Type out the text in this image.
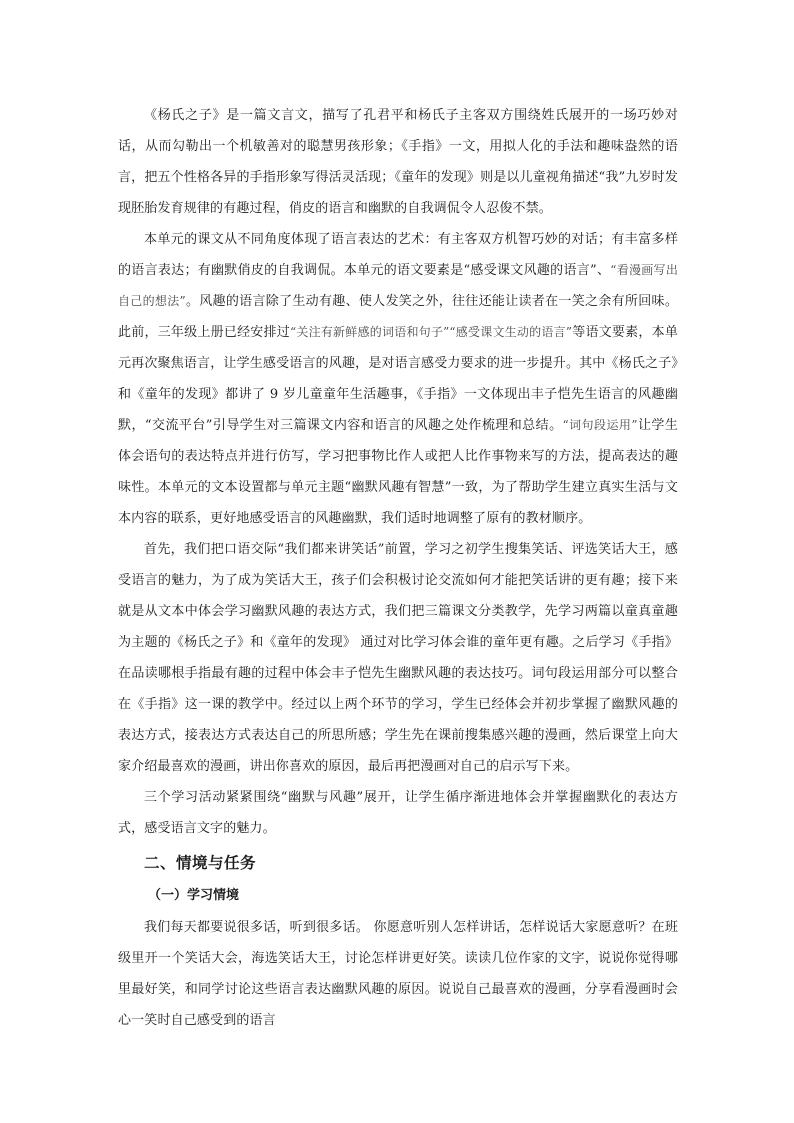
《杨氏之子》是一篇文言文，描写了孔君平和杨氏子主客双方围绕姓氏展开的一场巧妙对话，从而勾勒出一个机敏善对的聪慧男孩形象；《手指》一文，用拟人化的手法和趣味盎然的语言，把五个性格各异的手指形象写得活灵活现；《童年的发现》则是以儿童视角描述“我”九岁时发现胚胎发育规律的有趣过程，俏皮的语言和幽默的自我调侃令人忍俊不禁。

本单元的课文从不同角度体现了语言表达的艺术：有主客双方机智巧妙的对话；有丰富多样的语言表达；有幽默俏皮的自我调侃。本单元的语文要素是“感受课文风趣的语言”、“看漫画写出自己的想法”。风趣的语言除了生动有趣、使人发笑之外，往往还能让读者在一笑之余有所回味。此前，三年级上册已经安排过“关注有新鲜感的词语和句子”“感受课文生动的语言”等语文要素，本单元再次聚焦语言，让学生感受语言的风趣，是对语言感受力要求的进一步提升。其中《杨氏之子》和《童年的发现》都讲了 9 岁儿童童年生活趣事，《手指》一文体现出丰子恺先生语言的风趣幽默，“交流平台”引导学生对三篇课文内容和语言的风趣之处作梳理和总结。“词句段运用”让学生体会语句的表达特点并进行仿写，学习把事物比作人或把人比作事物来写的方法，提高表达的趣味性。本单元的文本设置都与单元主题“幽默风趣有智慧”一致，为了帮助学生建立真实生活与文本内容的联系，更好地感受语言的风趣幽默，我们适时地调整了原有的教材顺序。

首先，我们把口语交际“我们都来讲笑话”前置，学习之初学生搜集笑话、评选笑话大王，感受语言的魅力，为了成为笑话大王，孩子们会积极讨论交流如何才能把笑话讲的更有趣；接下来就是从文本中体会学习幽默风趣的表达方式，我们把三篇课文分类教学，先学习两篇以童真童趣为主题的《杨氏之子》和《童年的发现》 通过对比学习体会谁的童年更有趣。之后学习《手指》 在品读哪根手指最有趣的过程中体会丰子恺先生幽默风趣的表达技巧。词句段运用部分可以整合在《手指》这一课的教学中。经过以上两个环节的学习，学生已经体会并初步掌握了幽默风趣的表达方式，接表达方式表达自己的所思所感；学生先在课前搜集感兴趣的漫画，然后课堂上向大家介绍最喜欢的漫画，讲出你喜欢的原因，最后再把漫画对自己的启示写下来。

三个学习活动紧紧围绕“幽默与风趣”展开，让学生循序渐进地体会并掌握幽默化的表达方式，感受语言文字的魅力。

二、情境与任务
（一）学习情境

我们每天都要说很多话，听到很多话。 你愿意听别人怎样讲话，怎样说话大家愿意听？在班级里开一个笑话大会，海选笑话大王，讨论怎样讲更好笑。读读几位作家的文字，说说你觉得哪里最好笑，和同学讨论这些语言表达幽默风趣的原因。说说自己最喜欢的漫画，分享看漫画时会心一笑时自己感受到的语言
